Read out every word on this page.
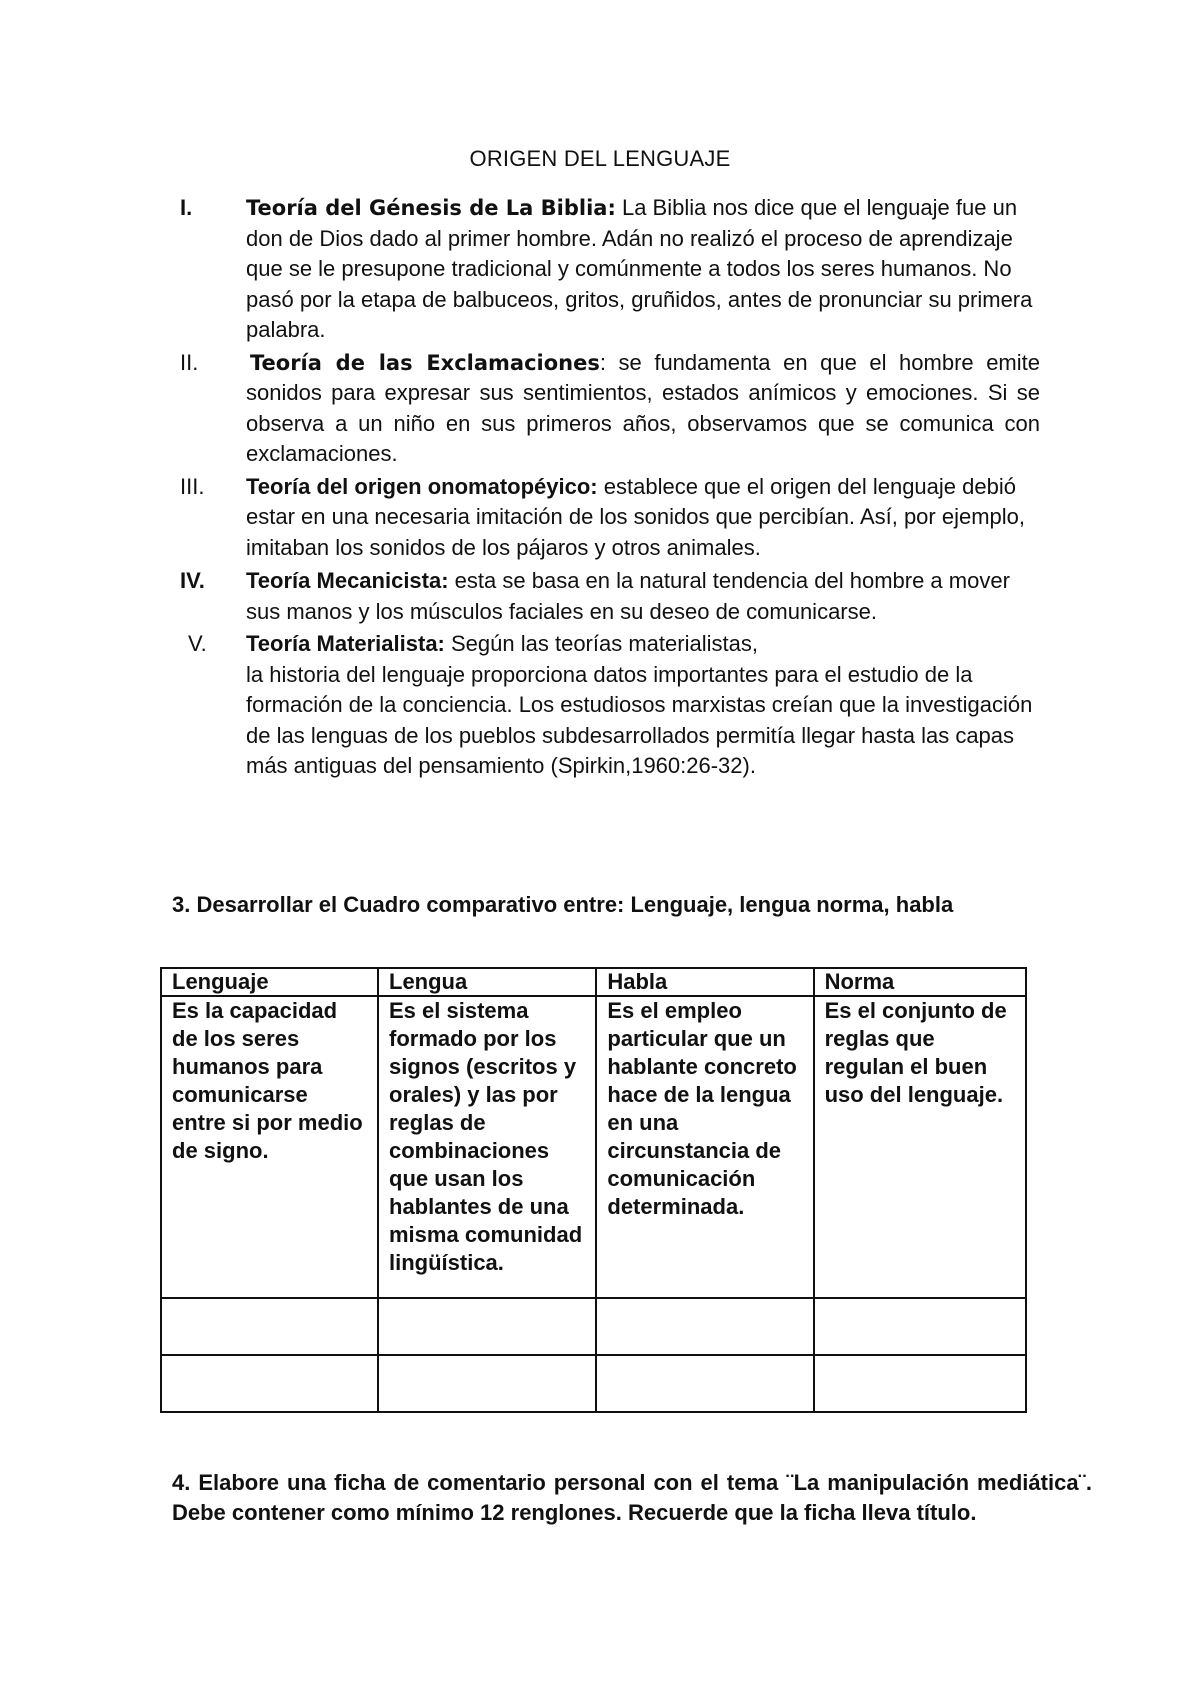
ORIGEN DEL LENGUAJE
I.	Teoría del Génesis de La Biblia: La Biblia nos dice que el lenguaje fue un don de Dios dado al primer hombre. Adán no realizó el proceso de aprendizaje que se le presupone tradicional y comúnmente a todos los seres humanos. No pasó por la etapa de balbuceos, gritos, gruñidos, antes de pronunciar su primera palabra.
II.	Teoría de las Exclamaciones: se fundamenta en que el hombre emite sonidos para expresar sus sentimientos, estados anímicos y emociones. Si se observa a un niño en sus primeros años, observamos que se comunica con exclamaciones.
III.	Teoría del origen onomatopéyico: establece que el origen del lenguaje debió estar en una necesaria imitación de los sonidos que percibían. Así, por ejemplo, imitaban los sonidos de los pájaros y otros animales.
IV.	Teoría Mecanicista: esta se basa en la natural tendencia del hombre a mover sus manos y los músculos faciales en su deseo de comunicarse.
V.	Teoría Materialista: Según las teorías materialistas,
la historia del lenguaje proporciona datos importantes para el estudio de la formación de la conciencia. Los estudiosos marxistas creían que la investigación de las lenguas de los pueblos subdesarrollados permitía llegar hasta las capas más antiguas del pensamiento (Spirkin,1960:26-32).
3. Desarrollar el Cuadro comparativo entre: Lenguaje, lengua norma, habla
Lenguaje	Lengua	Habla	Norma
Es la capacidad de los seres humanos para comunicarse entre si por medio de signo.	Es el sistema formado por los signos (escritos y orales) y las por reglas de combinaciones que usan los hablantes de una misma comunidad lingüística.	Es el empleo particular que un hablante concreto hace de la lengua en una circunstancia de comunicación determinada.	Es el conjunto de reglas que regulan el buen uso del lenguaje.

4. Elabore una ficha de comentario personal con el tema ¨La manipulación mediática¨. Debe contener como mínimo 12 renglones. Recuerde que la ficha lleva título.
